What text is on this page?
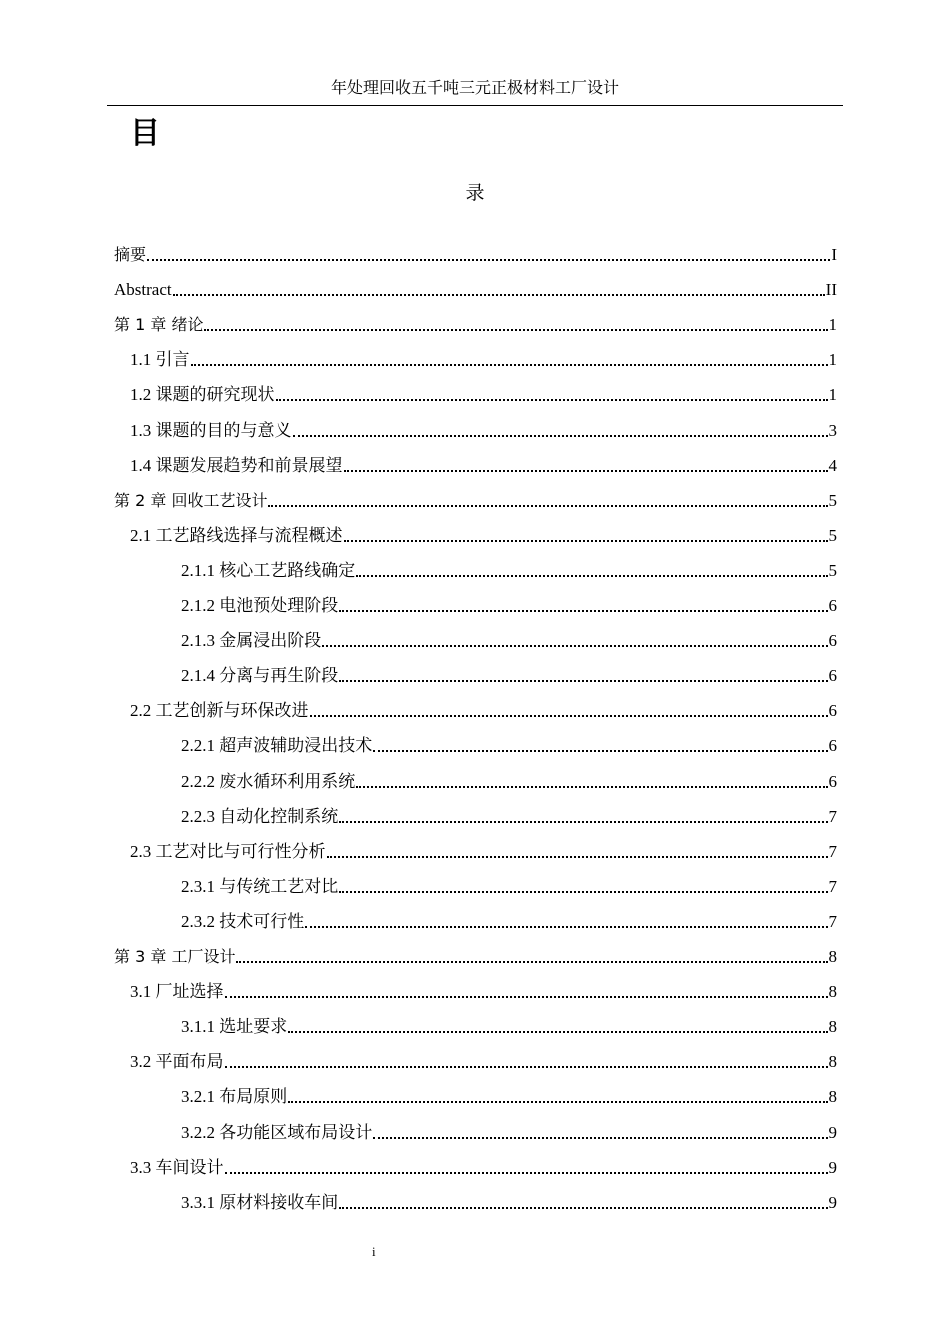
年处理回收五千吨三元正极材料工厂设计
目
录
摘要	I
Abstract	II
第 1 章 绪论	1
1.1 引言	1
1.2 课题的研究现状	1
1.3 课题的目的与意义	3
1.4 课题发展趋势和前景展望	4
第 2 章 回收工艺设计	5
2.1 工艺路线选择与流程概述	5
2.1.1 核心工艺路线确定	5
2.1.2 电池预处理阶段	6
2.1.3 金属浸出阶段	6
2.1.4 分离与再生阶段	6
2.2 工艺创新与环保改进	6
2.2.1 超声波辅助浸出技术	6
2.2.2 废水循环利用系统	6
2.2.3 自动化控制系统	7
2.3 工艺对比与可行性分析	7
2.3.1 与传统工艺对比	7
2.3.2 技术可行性	7
第 3 章 工厂设计	8
3.1 厂址选择	8
3.1.1 选址要求	8
3.2 平面布局	8
3.2.1 布局原则	8
3.2.2 各功能区域布局设计	9
3.3 车间设计	9
3.3.1 原材料接收车间	9
i
